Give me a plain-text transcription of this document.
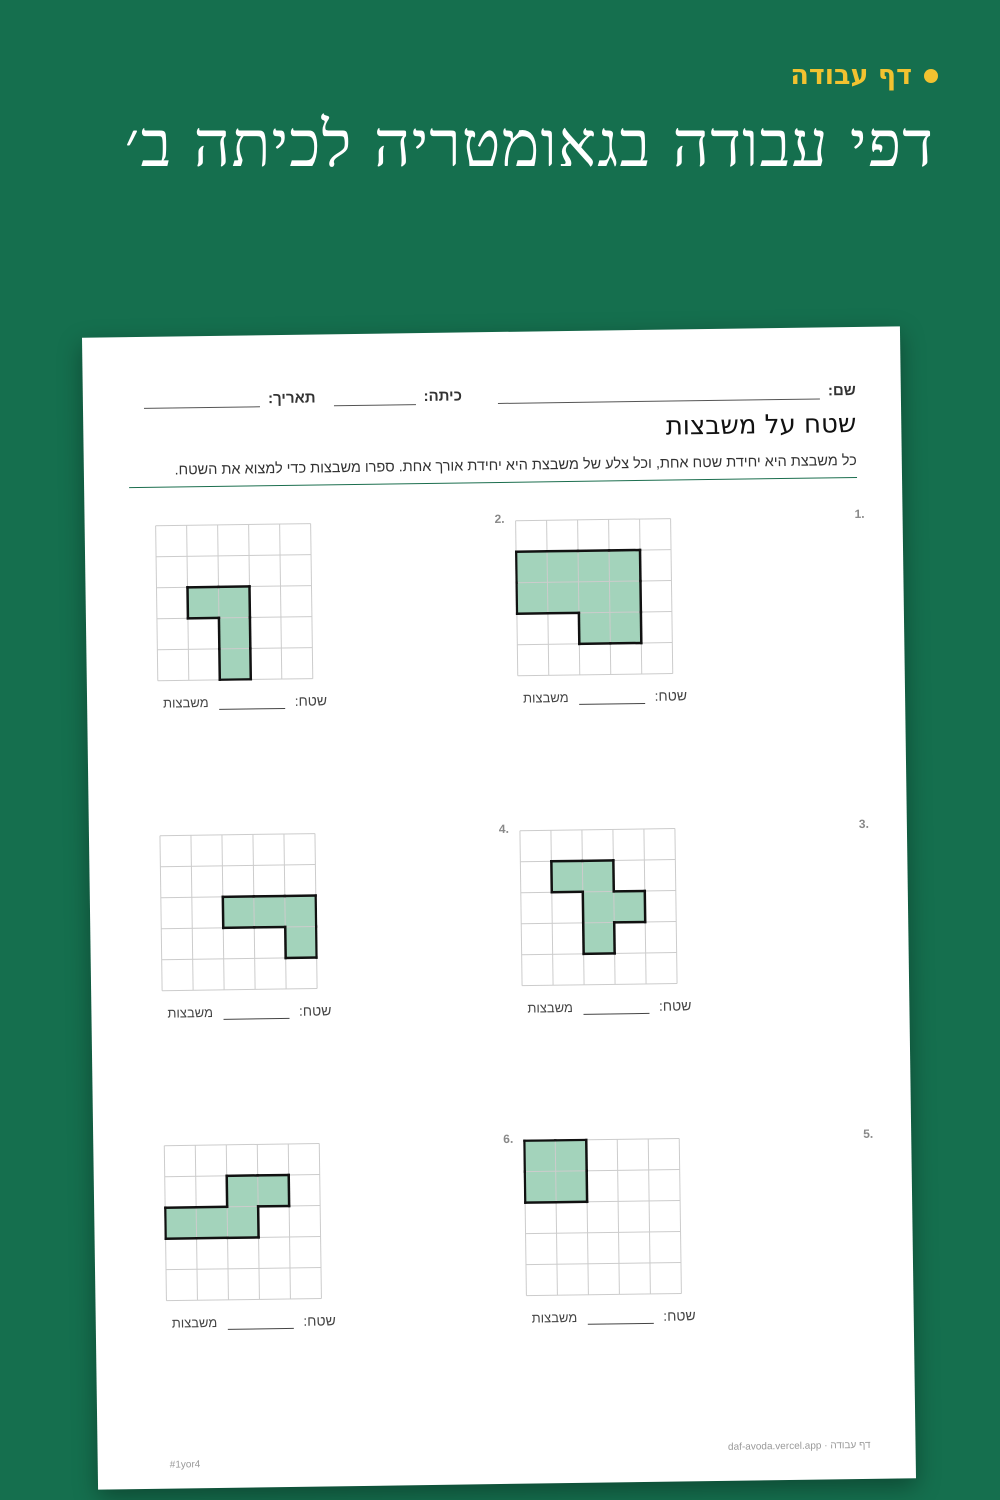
דף עבודה
דפי עבודה בגאומטריה לכיתה ב׳
שם:
כיתה:
תאריך:
שטח על משבצות
כל משבצת היא יחידת שטח אחת, וכל צלע של משבצת היא יחידת אורך אחת. ספרו משבצות כדי למצוא את השטח.
1.
שטח:
משבצות
2.
שטח:
משבצות
3.
שטח:
משבצות
4.
שטח:
משבצות
5.
שטח:
משבצות
6.
שטח:
משבצות
#1yor4
דף עבודה · daf-avoda.vercel.app
